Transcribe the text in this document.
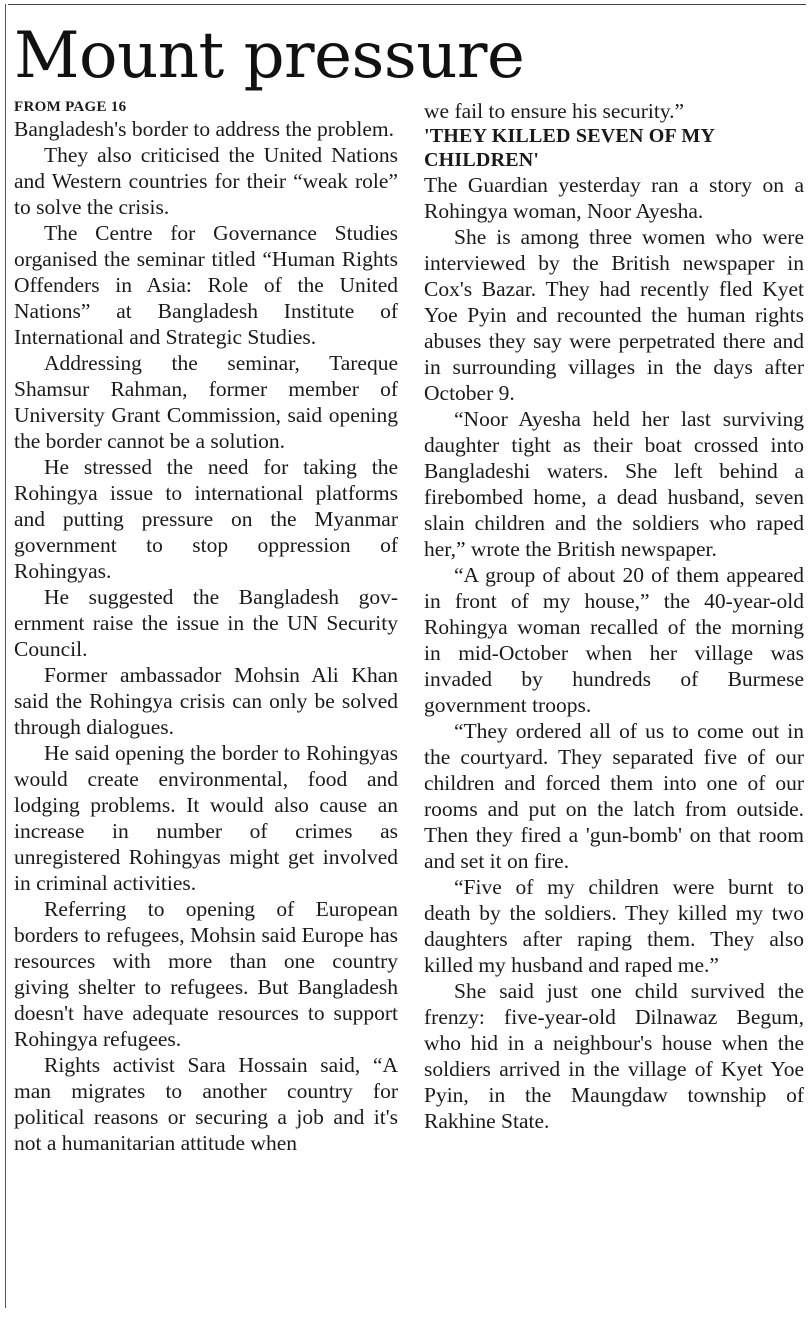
Mount pressure
FROM PAGE 16

Bangladesh's border to address the problem.

They also criticised the United Nations and Western countries for their “weak role” to solve the crisis.

The Centre for Governance Studies organised the seminar titled “Human Rights Offenders in Asia: Role of the United Nations” at Bangladesh Institute of International and Strategic Studies.

Addressing the seminar, Tareque Shamsur Rahman, former member of University Grant Commission, said opening the border cannot be a solution.

He stressed the need for taking the Rohingya issue to international platforms and putting pressure on the Myanmar government to stop oppression of Rohingyas.

He suggested the Bangladesh government raise the issue in the UN Security Council.

Former ambassador Mohsin Ali Khan said the Rohingya crisis can only be solved through dialogues.

He said opening the border to Rohingyas would create environmental, food and lodging problems. It would also cause an increase in number of crimes as unregistered Rohingyas might get involved in criminal activities.

Referring to opening of European borders to refugees, Mohsin said Europe has resources with more than one country giving shelter to refugees. But Bangladesh doesn't have adequate resources to support Rohingya refugees.

Rights activist Sara Hossain said, “A man migrates to another country for political reasons or securing a job and it's not a humanitarian attitude when

we fail to ensure his security.”

'THEY KILLED SEVEN OF MY CHILDREN'

The Guardian yesterday ran a story on a Rohingya woman, Noor Ayesha.

She is among three women who were interviewed by the British newspaper in Cox's Bazar. They had recently fled Kyet Yoe Pyin and recounted the human rights abuses they say were perpetrated there and in surrounding villages in the days after October 9.

“Noor Ayesha held her last surviving daughter tight as their boat crossed into Bangladeshi waters. She left behind a firebombed home, a dead husband, seven slain children and the soldiers who raped her,” wrote the British newspaper.

“A group of about 20 of them appeared in front of my house,” the 40-year-old Rohingya woman recalled of the morning in mid-October when her village was invaded by hundreds of Burmese government troops.

“They ordered all of us to come out in the courtyard. They separated five of our children and forced them into one of our rooms and put on the latch from outside. Then they fired a 'gun-bomb' on that room and set it on fire.

“Five of my children were burnt to death by the soldiers. They killed my two daughters after raping them. They also killed my husband and raped me.”

She said just one child survived the frenzy: five-year-old Dilnawaz Begum, who hid in a neighbour's house when the soldiers arrived in the village of Kyet Yoe Pyin, in the Maungdaw township of Rakhine State.
